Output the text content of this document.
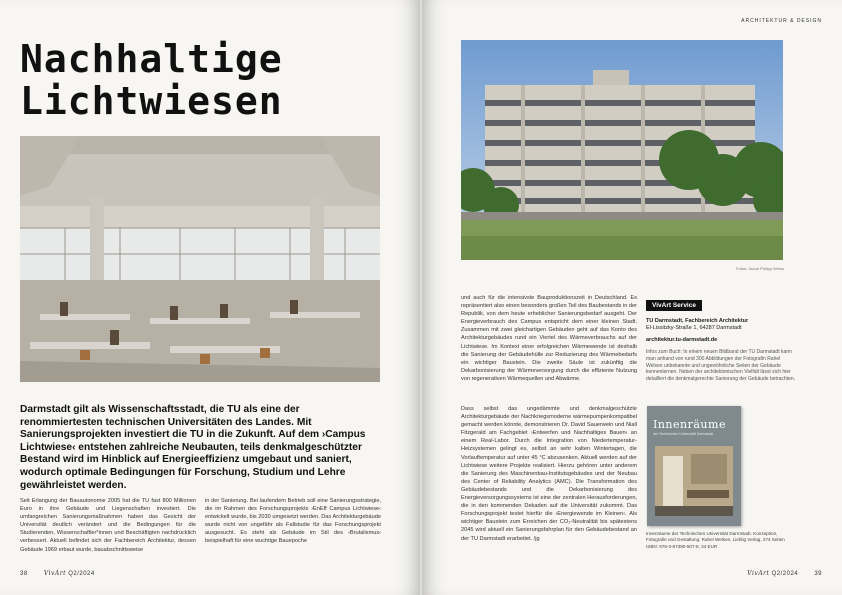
Nachhaltige
Lichtwiesen
Darmstadt gilt als Wissenschaftsstadt, die TU als eine der renommiertesten technischen Universitäten des Landes. Mit Sanierungsprojekten investiert die TU in die Zukunft. Auf dem ›Campus Lichtwiese‹ entstehen zahlreiche Neubauten, teils denkmalgeschützter Bestand wird im Hinblick auf Energieeffizienz umgebaut und saniert, wodurch optimale Bedingungen für Forschung, Studium und Lehre gewährleistet werden.
Seit Erlangung der Bauautonomie 2005 hat die TU fast 800 Millionen Euro in ihre Gebäude und Liegenschaften investiert. Die umfangreichen Sanierungsmaßnahmen haben das Gesicht der Universität deutlich verändert und die Bedingungen für die Studierenden, Wissenschaftler*innen und Beschäftigten nachdrücklich verbessert. Aktuell befindet sich der Fachbereich Architektur, dessen Gebäude 1969 erbaut wurde, bauabschnittsweise
in der Sanierung. Bei laufendem Betrieb soll eine Sanierungsstrategie, die im Rahmen des Forschungsprojekts ›EnEff Campus Lichtwiese‹ entwickelt wurde, bis 2030 umgesetzt werden. Das Architekturgebäude wurde nicht von ungefähr als Fallstudie für das Forschungsprojekt ausgesucht. Es steht als Gebäude im Stil des ›Brutalismus‹ beispielhaft für eine wuchtige Bauepoche
38	VivArt Q2/2024
ARCHITEKTUR & DESIGN
Fotos: Jacob Philipp Weiss
und auch für die intensivste Bauproduktionszeit in Deutschland. Es repräsentiert also einen besonders großen Teil des Baubestands in der Republik, von dem heute erheblicher Sanierungsbedarf ausgeht. Der Energieverbrauch des Campus entspricht dem einer kleinen Stadt. Zusammen mit zwei gleichartigen Gebäuden geht auf das Konto des Architekturgebäudes rund ein Viertel des Wärmeverbrauchs auf der Lichtwiese. Im Kontext einer erfolgreichen Wärmewende ist deshalb die Sanierung der Gebäudehülle zur Reduzierung des Wärmebedarfs ein wichtiger Baustein. Die zweite Säule ist zukünftig die Dekarbonisierung der Wärmeversorgung durch die effiziente Nutzung von regenerativen Wärmequellen und Abwärme.
Dass selbst das ungedämmte und denkmalgeschützte Architekturgebäude der Nachkriegsmoderne wärmepumpenkompatibel gemacht werden könnte, demonstrieren Dr. David Sauerwein und Niall Fitzgerald am Fachgebiet ›Entwerfen und Nachhaltiges Bauen‹ an einem Real-Labor. Durch die Integration von Niedertemperatur-Heizsystemen gelingt es, selbst an sehr kalten Wintertagen, die Vorlauftemperatur auf unter 45 °C abzusenken. Aktuell werden auf der Lichtwiese weitere Projekte realisiert. Hierzu gehören unter anderem die Sanierung des Maschinenbau-Institutsgebäudes und der Neubau des Center of Reliability Analytics (AMC). Die Transformation des Gebäudebestands und die Dekarbonisierung des Energieversorgungssystems ist eine der zentralen Herausforderungen, die in den kommenden Dekaden auf die Universität zukommt. Das Forschungsprojekt testet hierfür die ›Energiewende im Kleinen‹. Als wichtiger Baustein zum Erreichen der CO₂-Neutralität bis spätestens 2045 wird aktuell ein Sanierungsfahrplan für den Gebäudebestand an der TU Darmstadt erarbeitet. /jg
VivArt Service
TU Darmstadt, Fachbereich Architektur
El-Lissitzky-Straße 1, 64287 Darmstadt
architektur.tu-darmstadt.de
Infos zum Buch: In einem neuen Bildband der TU Darmstadt kann man anhand von rund 300 Abbildungen der Fotografin Rahel Welsen unbekannte und ungewöhnliche Seiten der Gebäude kennenlernen. Neben der architektonischen Vielfalt lässt sich hier detailliert die denkmalgerechte Sanierung der Gebäude betrachten.
Innenräume
der Technischen Universität Darmstadt
Innenräume der Technischen Universität Darmstadt. Konzeption, Fotografie und Gestaltung: Rahel Welsen, Lieblig Verlag, 274 Seiten ISBN: 978-3-87390-507-8, 34 EUR
VivArt Q2/2024	39
